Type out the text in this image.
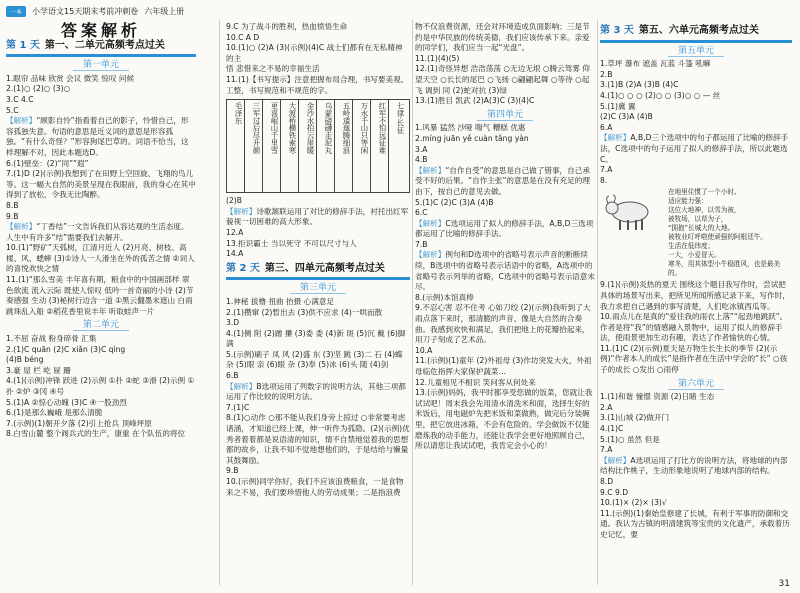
一本	小学语文15天期末考前冲刺卷 六年级上册
答案解析
第 1 天 第一、二单元高频考点过关
第一单元

1.眼帘 品味 欣赏 会议 微笑 惊叹 问候

2.(1)○ (2)○ (3)○

3.C 4.C

5.C

【解析】“顾影自怜”指看着自己的影子，怜惜自己，形容孤独失意。句语的意思是近义词的意思是形容孤独。“有什么奇怪？”形容狗尾巴草的。词语不恰当，这样理解不对，因此本题选D。

6.(1)壁垒：(2)“同”“遐”

7.(1)D (2)(示例)我想到了在田野上空回旋、飞翔的鸟儿等。这一幅大自然的美景呈现在我眼前，我的身心在其中得到了放松，令我无比陶醉。

8.B

9.B

【解析】“丁香结”一文告诉我们从容达观的生活态度。人生中有许多“结”需要我们去解开。

10.(1)“野矿”天弧树，江清月近人 (2)月亮、树枝、高楼、风、蟋蟀 (3)①诗人一人滑坐在外的孤苦之情 ②词人的喜悦欢快之情

11.(1)“那么雪美 丰年喜有期，粮食中的中国画部样 翠色欲流 流入云际 既使人惊叹 低吟一首奇丽的小诗 (2)节奏感强 生动 (3)秘树行边含一道 ①黑云翻墨未遮山 白雨跳珠乱入船 ②稻花香里说丰年 听取蛙声一片

第二单元

1.不屈 奋战 粉身碎骨 汇集

2.(1)C quān (2)C xiǎn (3)C qìng

(4)B béng

3.豪 屋 栏 屹 屉 跚

4.(1)(示例)冲锋 跃进 (2)示例 ①扑 ②蛇 ③滑 (2)示例 ①扑 ②炉 ③冈 ④号

5.(1)A ②惊心动魄 (3)C ④一股劲烈

6.(1)是那么巍峨 是那么清脆

7.(示例)(1)朝开夕落 (2)引上抢兵 顶峰坪原

8.白雪山麓 整个阀兵式的生产，康重 在个队伍的将位

9.C 为了战斗的胜利，热血愤悟生命

10.C A D

10.(1)○ (2)A (3)(示例)(4)C 战士们都有在无私精神的主

悟 悲惜来之不易的幸福生活

11.(1)【书写提示】注意把握布局合理，书写要美观、工整，书写规范和不规范的字。

毛泽东	三军过后尽开颜	更喜岷山千里雪	大渡桥横铁索寒	金沙水拍云崖暖	乌蒙磅礴走泥丸	五岭逶迤腾细浪	万水千山只等闲	红军不怕远征难	七律·长征

(2)B

【解析】诗歌颔联运用了对比的修辞手法，衬托出红军藐视一切困难的高大形象。

12.A

13.拒识霸士 当以死守 不可以尺寸与人

14.A

第 2 天 第三、四单元高频考点过关
第三单元

1.神秘 拔橹 扭曲 抬摄 心满意足

2.(1)攒窜 (2)暂出去 (3)供不应求 (4)一哄而散

3.D

4.(1)侧 附 (2)蹭 攥 (3)委 委 (4)新 斑 (5)沉 戴 (6)脚 满

5.(示例)刷子 凤 风 (2)盛 东 (3)坚 跳 (3)二 石 (4)蝶 杂 (5)眼 亲 (6)眼 杂 (3)奉 (5)冰 (6)头 随 (4)剑

6.B

【解析】B选项运用了列数字的说明方法，其他三项都运用了作比较的说明方法。

7.(1)C

8.(1)○动作 ○那不能从我们身旁上掠过 ○非常要考虑诸涵，才知道已经上课，伸一听件为孤隐。(2)(示例)优秀者着着都是说语清的知识，情不自禁地觉着我的思想都的故乡，让我不知不觉地想他们的，于是结给与懒量其鼓舞励。

9.B

10.(示例)同学你好，我们不应该浪费粮食，一是食物来之不易，我们要珍惜他人的劳动成果；二是指浪费

物不仅浪费资源，还会对环境造成负面影响；三是节约是中华民族的传统美德，我们应该传承下来。亲爱的同学们，我们应当一起“光盘”。

11.(1)(4)(5)

12.(1)奇怪异想 浩浩荡荡 ○无边无垠 ○腾云驾雾 仰望天空 ○长长的尾巴 ○飞扬 ○翩翩起舞 ○等待 ○起飞 调到 同 (2)蛇对抗 (3)绿

13.(1)胜目 凯武 (2)A(3)C (3)(4)C

第四单元

1.风暴 猛然 沙哑 喘气 糟糕 优惠

2.míng juān yě cuàn tǎng yàn

3.A

4.B

【解析】“自作自受”的意思是自己做了错事，自己承受不好的后果。“自作主张”的意思是在没有充足的理由下，按自己的意见去做。

5.(1)C (2)C (3)A (4)B

6.C

【解析】C选项运用了拟人的修辞手法，A,B,D三选项都运用了比喻的修辞手法。

7.B

【解析】例句和D选项中的省略号表示声音的断断续续，B选项中的省略号表示话语中的省略，A选项中的省略号表示列举的省略，C选项中的省略号表示语意未尽。

8.(示例)本馆真棒

9.不忍心害 忍不住考 心如刀绞 (2)(示例)我听到了大雨点落下来时，那清脆的声音，像是大自然的合奏曲。我感到欢快和满足，我们把地上的花瓣拾起来，用刀子刻成了艺术品。

10.A

11.(示例)(1)童年 (2)外祖母 (3)作坊突发大火，外祖母临危指挥大家保护蔬菜…

12.儿童相见不相识 笑问客从何处来

13.(示例)妈妈，我平时都享受您做的饭菜，您就让我试试吧！周末我会先用清水清洗米和面，选择生好的米饭后，用电磁炉先把米饭和菜做熟，做完后分装碗里，把它放进冰箱，不会有危险的。学会做饭不仅能磨炼我的动手能力，还能让我学会更好地照顾自己，所以请您让我试试吧，我肯定会小心的！

第 3 天 第五、六单元高频考点过关
第五单元

1.草坪 瀑布 遮盖 瓦蓝 斗篷 吼嘛

2.B

3.(1)B (2)A (3)B (4)C

4.(1)○ ○ ○ (2)○ ○ (3)○ ○ — 丝

5.(1)冀 翼

(2)C (3)A (4)B

6.A

【解析】A,B,D三个选项中的句子都运用了比喻的修辞手法，C选项中的句子运用了拟人的修辞手法，所以此题选C。

7.A

8.

在地里住惯了一个小时。

适应能力强：

这位大地神，以雪为被，

被牧场，以草为子，

“拥抱”长城大的大地。

被牧业叮呼啦使顽强的阿根廷牛。

生活在低纬度；

一大，小爱冒天。

寒冬，用其体型小牛稳胜风，也是最美的。

9.(1)(示例)炎热的夏天 围绕这个题目我写作时，尝试把具体的场景写出来，把所见所闻所感记录下来，写作时，我力求把自己遇到的事写清楚，人们吃冰镇西瓜等。

10.雨点儿在是真的“爱往我的雨衣上落”“起劲地跳跃”。作者是将“我”的情感融入景物中，运用了拟人的修辞手法，使雨景更加生动有趣，表达了作者愉快的心情。

11.(1)C (2)(示例)夏天是万物生长生长的季节 (2)(示例)“作者本人的成长”是指作者在生活中学会的“长” ○孩子的成长 ○发出 ○雨停

第六单元

1.(1)和谐 憧憬 资源 (2)日睹 生态

2.A

3.(1)山城 (2)做开门

4.(1)C

5.(1)○ 虽然 但是

7.A

【解析】A选项运用了打比方的说明方法，将地球的内部结构比作桃子，生动形象地说明了地球内部的结构。

8.D

9.C 9.D

10.(1)× (2)× (3)√

11.(示例)(1)秦始皇修建了长城，有利于军事的防御和交通。我认为古镇的明清建筑等宝贵的文化遗产，承载着历史记忆，要

31
